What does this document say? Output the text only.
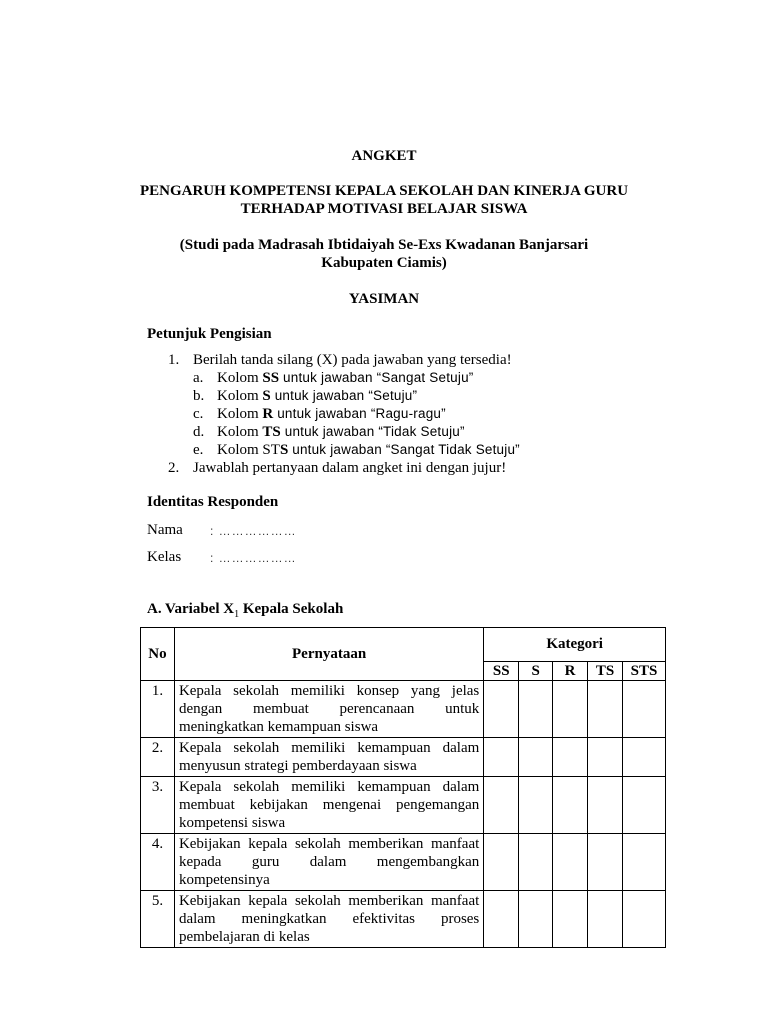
ANGKET
PENGARUH KOMPETENSI KEPALA SEKOLAH DAN KINERJA GURU
TERHADAP MOTIVASI BELAJAR SISWA
(Studi pada Madrasah Ibtidaiyah Se-Exs Kwadanan Banjarsari
Kabupaten Ciamis)
YASIMAN
Petunjuk Pengisian
1. Berilah tanda silang (X) pada jawaban yang tersedia!
a. Kolom SS untuk jawaban “Sangat Setuju”
b. Kolom S untuk jawaban “Setuju”
c. Kolom R untuk jawaban “Ragu-ragu”
d. Kolom TS untuk jawaban “Tidak Setuju”
e. Kolom STS untuk jawaban “Sangat Tidak Setuju”
2. Jawablah pertanyaan dalam angket ini dengan jujur!
Identitas Responden
Nama : ………………
Kelas : ………………
A. Variabel $X_1$ Kepala Sekolah
No	Pernyataan	Kategori				
		SS	S	R	TS	STS
1.	Kepala sekolah memiliki konsep yang jelas dengan membuat perencanaan untuk meningkatkan kemampuan siswa					
2.	Kepala sekolah memiliki kemampuan dalam menyusun strategi pemberdayaan siswa					
3.	Kepala sekolah memiliki kemampuan dalam membuat kebijakan mengenai pengemangan kompetensi siswa					
4.	Kebijakan kepala sekolah memberikan manfaat kepada guru dalam mengembangkan kompetensinya					
5.	Kebijakan kepala sekolah memberikan manfaat dalam meningkatkan efektivitas proses pembelajaran di kelas					
